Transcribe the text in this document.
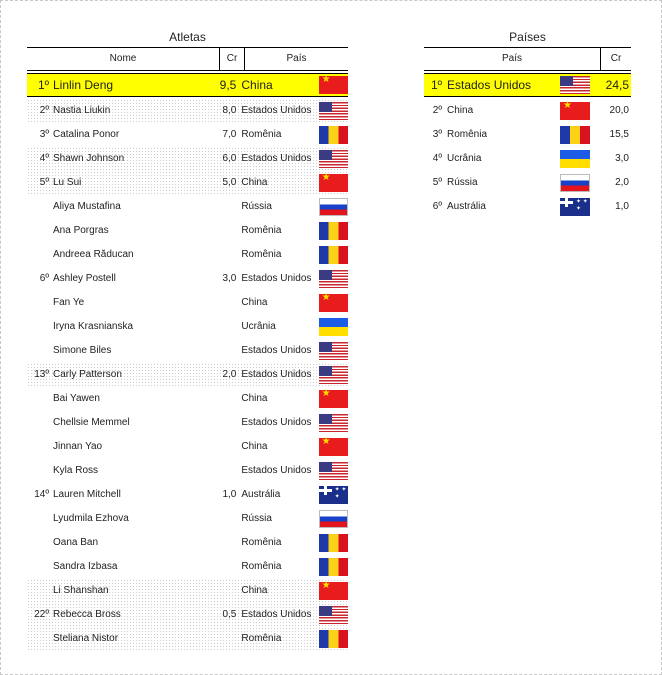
Atletas
Nome	Cr	País
1º Linlin Deng	9,5 China
★
2º Nastia Liukin	8,0 Estados Unidos
3º Catalina Ponor	7,0 Romênia
4º Shawn Johnson	6,0 Estados Unidos
5º Lu Sui	5,0 China
★
Aliya Mustafina	Rússia
Ana Porgras	Romênia
Andreea Răducan	Romênia
6º Ashley Postell	3,0 Estados Unidos
Fan Ye	China
★
Iryna Krasnianska	Ucrânia
Simone Biles	Estados Unidos
13º Carly Patterson	2,0 Estados Unidos
Bai Yawen	China
★
Chellsie Memmel	Estados Unidos
Jinnan Yao	China
★
Kyla Ross	Estados Unidos
14º Lauren Mitchell	1,0 Austrália
✦ ✦ ✦
Lyudmila Ezhova	Rússia
Oana Ban	Romênia
Sandra Izbasa	Romênia
Li Shanshan	China
★
22º Rebecca Bross	0,5 Estados Unidos
Steliana Nistor	Romênia
Países
País	Cr
1º Estados Unidos	24,5
2º China ★	20,0
3º Romênia	15,5
4º Ucrânia	3,0
5º Rússia	2,0
6º Austrália ✦ ✦ ✦	1,0
